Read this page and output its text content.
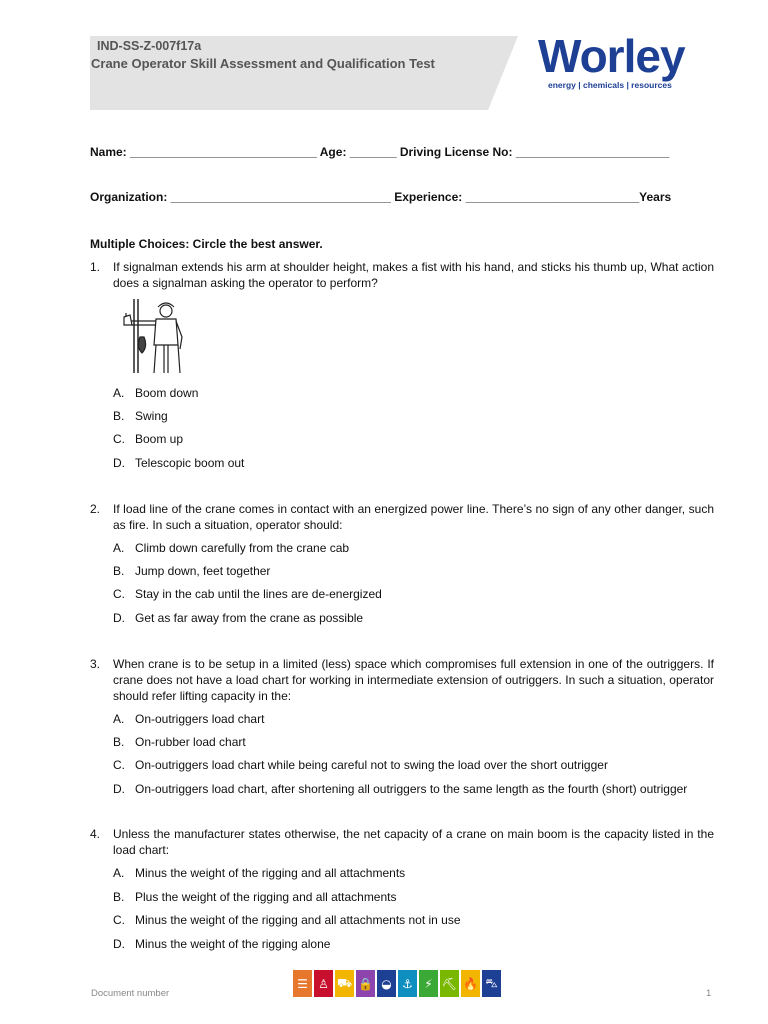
IND-SS-Z-007f17a
Crane Operator Skill Assessment and Qualification Test Worley
energy | chemicals | resources
Name: ____________________________ Age: _______ Driving License No: _______________________
Organization: _________________________________ Experience: __________________________Years
Multiple Choices: Circle the best answer.
1. If signalman extends his arm at shoulder height, makes a fist with his hand, and sticks his thumb up, What action does a signalman asking the operator to perform?
A. Boom down
B. Swing
C. Boom up
D. Telescopic boom out
2. If load line of the crane comes in contact with an energized power line. There’s no sign of any other danger, such as fire. In such a situation, operator should:
A. Climb down carefully from the crane cab
B. Jump down, feet together
C. Stay in the cab until the lines are de-energized
D. Get as far away from the crane as possible
3. When crane is to be setup in a limited (less) space which compromises full extension in one of the outriggers. If crane does not have a load chart for working in intermediate extension of outriggers. In such a situation, operator should refer lifting capacity in the:
A. On-outriggers load chart
B. On-rubber load chart
C. On-outriggers load chart while being careful not to swing the load over the short outrigger
D. On-outriggers load chart, after shortening all outriggers to the same length as the fourth (short) outrigger
4. Unless the manufacturer states otherwise, the net capacity of a crane on main boom is the capacity listed in the load chart:
A. Minus the weight of the rigging and all attachments
B. Plus the weight of the rigging and all attachments
C. Minus the weight of the rigging and all attachments not in use
D. Minus the weight of the rigging alone
Document number
☰ ♙ ⛟ 🔒 ◒ ⚓ ⚡ ⛏ 🔥 ⛍
1
